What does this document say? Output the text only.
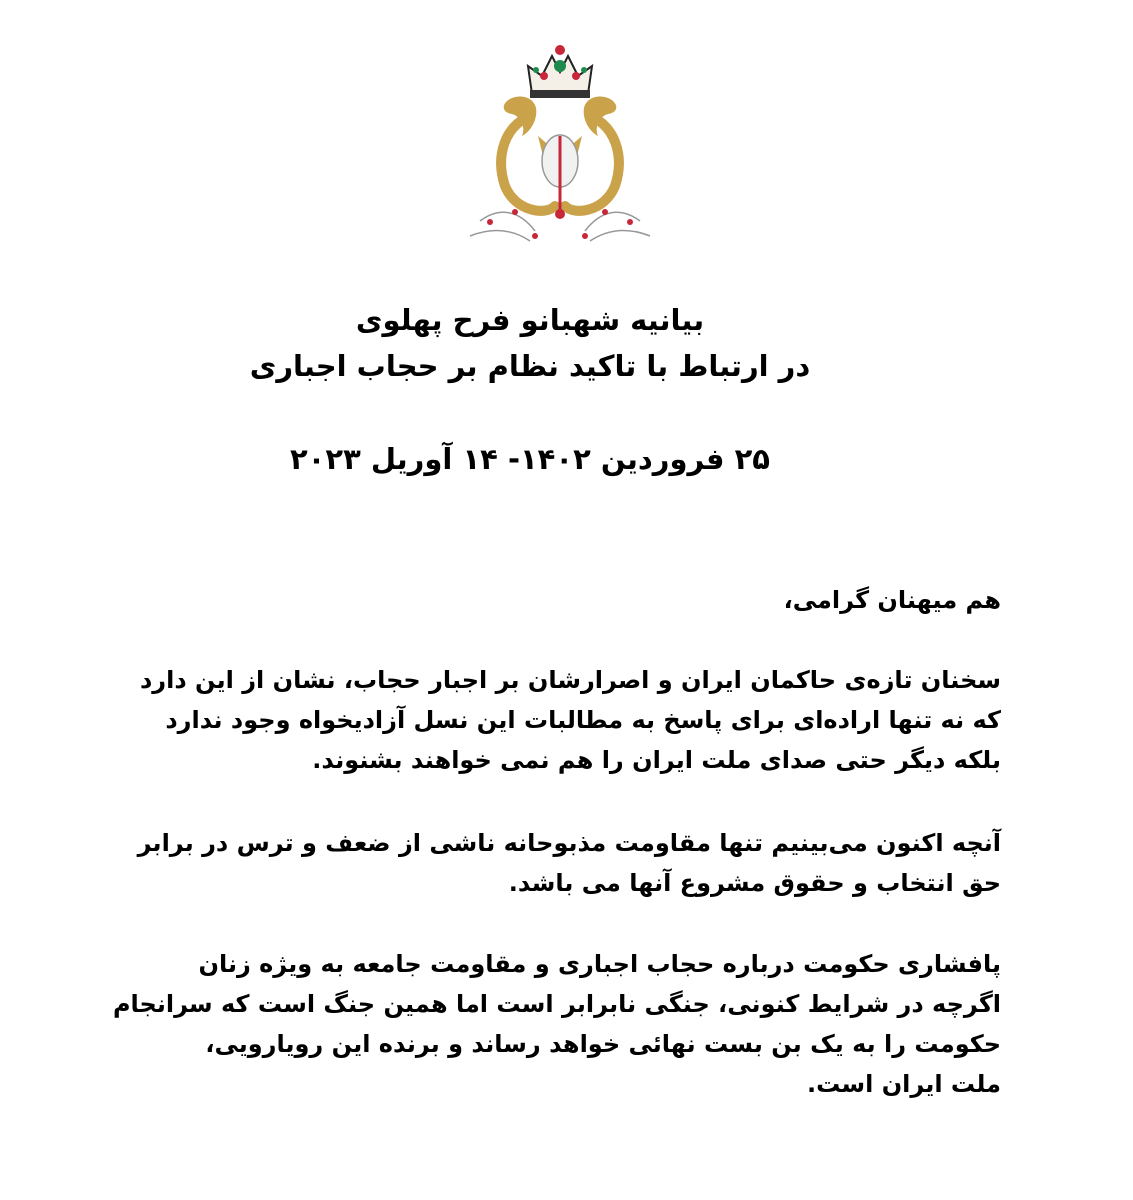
بیانیه شهبانو فرح پهلوی
در ارتباط با تاکید نظام بر حجاب اجباری
۲۵ فروردین ۱۴۰۲- ۱۴ آوریل ۲۰۲۳
هم میهنان گرامی،
سخنان تازه‌ی حاکمان ایران و اصرارشان بر اجبار حجاب، نشان از این دارد
که نه تنها اراده‌ای برای پاسخ به مطالبات این نسل آزادیخواه وجود ندارد
بلکه دیگر حتی صدای ملت ایران را هم نمی خواهند بشنوند.
آنچه اکنون می‌بینیم تنها مقاومت مذبوحانه ناشی از ضعف و ترس در برابر
حق انتخاب و حقوق مشروع آنها می باشد.
پافشاری حکومت درباره حجاب اجباری و مقاومت جامعه به ویژه زنان
اگرچه در شرایط کنونی، جنگی نابرابر است اما همین جنگ است که سرانجام
حکومت را به یک بن بست نهائی خواهد رساند و برنده این رویارویی،
ملت ایران است.
